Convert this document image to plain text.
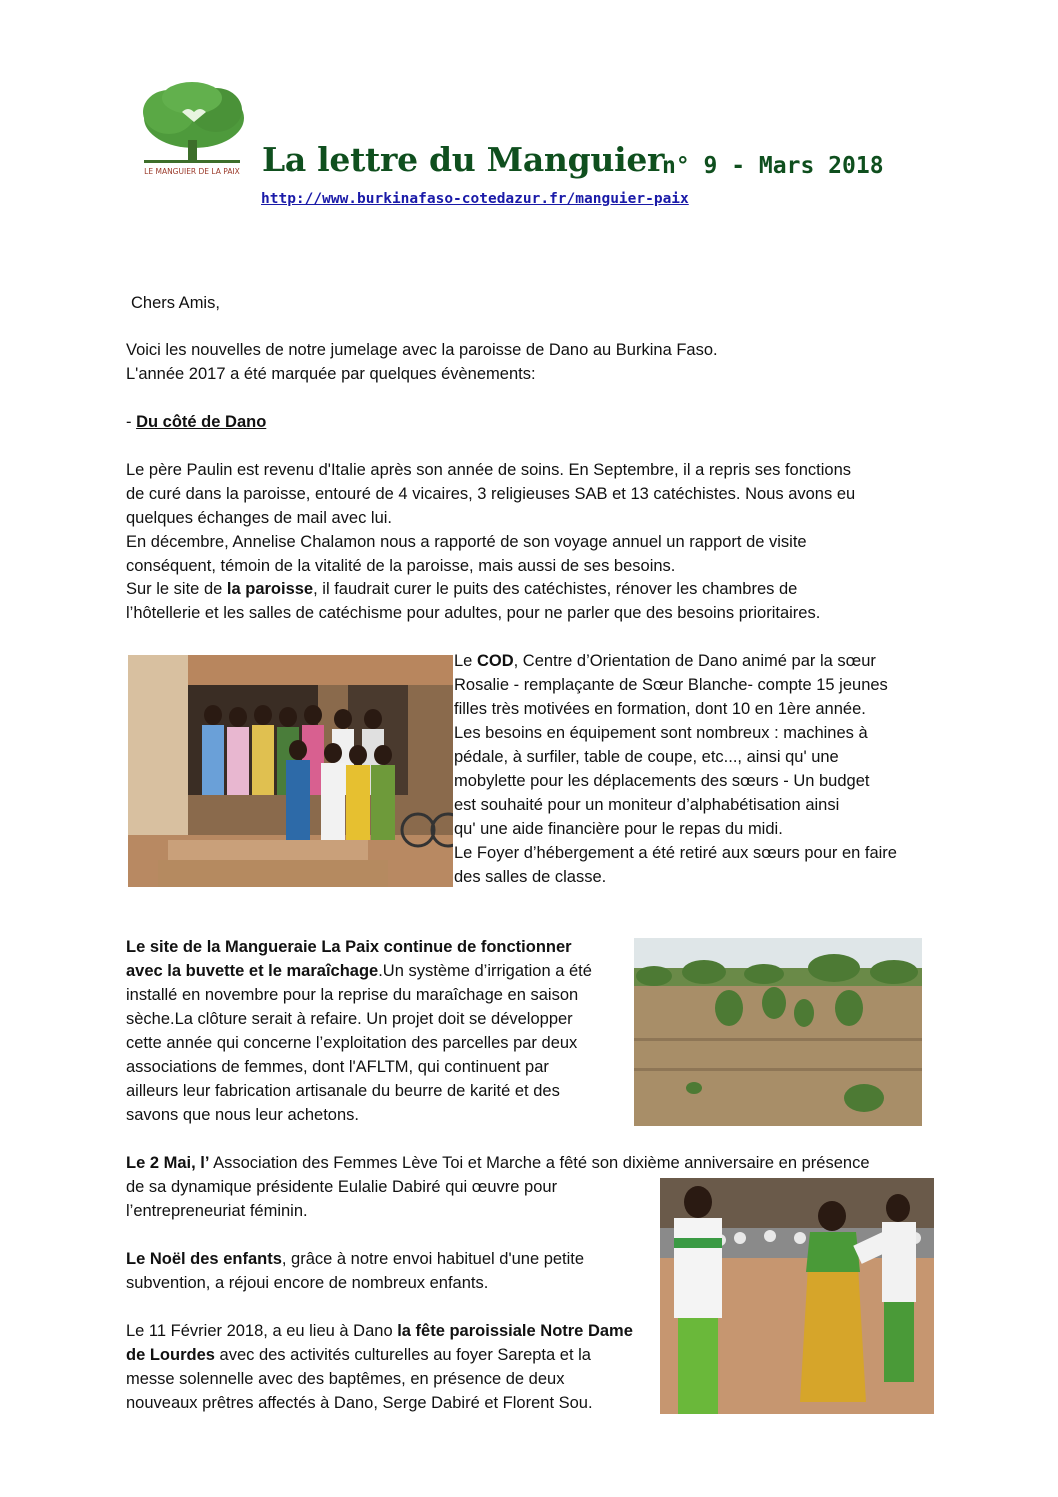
LE MANGUIER DE LA PAIX La lettre du Manguier
n° 9 - Mars 2018
http://www.burkinafaso-cotedazur.fr/manguier-paix
Chers Amis,
Voici les nouvelles de notre jumelage avec la paroisse de Dano au Burkina Faso.
L'année 2017 a été marquée par quelques évènements:
- Du côté de Dano
Le père Paulin est revenu d'Italie après son année de soins. En Septembre, il a repris ses fonctions
de curé dans la paroisse, entouré de 4 vicaires, 3 religieuses SAB et 13 catéchistes. Nous avons eu
quelques échanges de mail avec lui.
En décembre, Annelise Chalamon nous a rapporté de son voyage annuel un rapport de visite
conséquent, témoin de la vitalité de la paroisse, mais aussi de ses besoins.
Sur le site de la paroisse, il faudrait curer le puits des catéchistes, rénover les chambres de
l’hôtellerie et les salles de catéchisme pour adultes, pour ne parler que des besoins prioritaires.
Le COD, Centre d’Orientation de Dano animé par la sœur
Rosalie - remplaçante de Sœur Blanche- compte 15 jeunes
filles très motivées en formation, dont 10 en 1ère année.
Les besoins en équipement sont nombreux : machines à
pédale, à surfiler, table de coupe, etc..., ainsi qu' une
mobylette pour les déplacements des sœurs - Un budget
est souhaité pour un moniteur d’alphabétisation ainsi
qu' une aide financière pour le repas du midi.
Le Foyer d’hébergement a été retiré aux sœurs pour en faire
des salles de classe.
Le site de la Mangueraie La Paix continue de fonctionner
avec la buvette et le maraîchage.Un système d’irrigation a été
installé en novembre pour la reprise du maraîchage en saison
sèche.La clôture serait à refaire. Un projet doit se développer
cette année qui concerne l’exploitation des parcelles par deux
associations de femmes, dont l'AFLTM, qui continuent par
ailleurs leur fabrication artisanale du beurre de karité et des
savons que nous leur achetons.
Le 2 Mai, l’ Association des Femmes Lève Toi et Marche a fêté son dixième anniversaire en présence
de sa dynamique présidente Eulalie Dabiré qui œuvre pour
l’entrepreneuriat féminin.
Le Noël des enfants, grâce à notre envoi habituel d'une petite
subvention, a réjoui encore de nombreux enfants.
Le 11 Février 2018, a eu lieu à Dano la fête paroissiale Notre Dame
de Lourdes avec des activités culturelles au foyer Sarepta et la
messe solennelle avec des baptêmes, en présence de deux
nouveaux prêtres affectés à Dano, Serge Dabiré et Florent Sou.
